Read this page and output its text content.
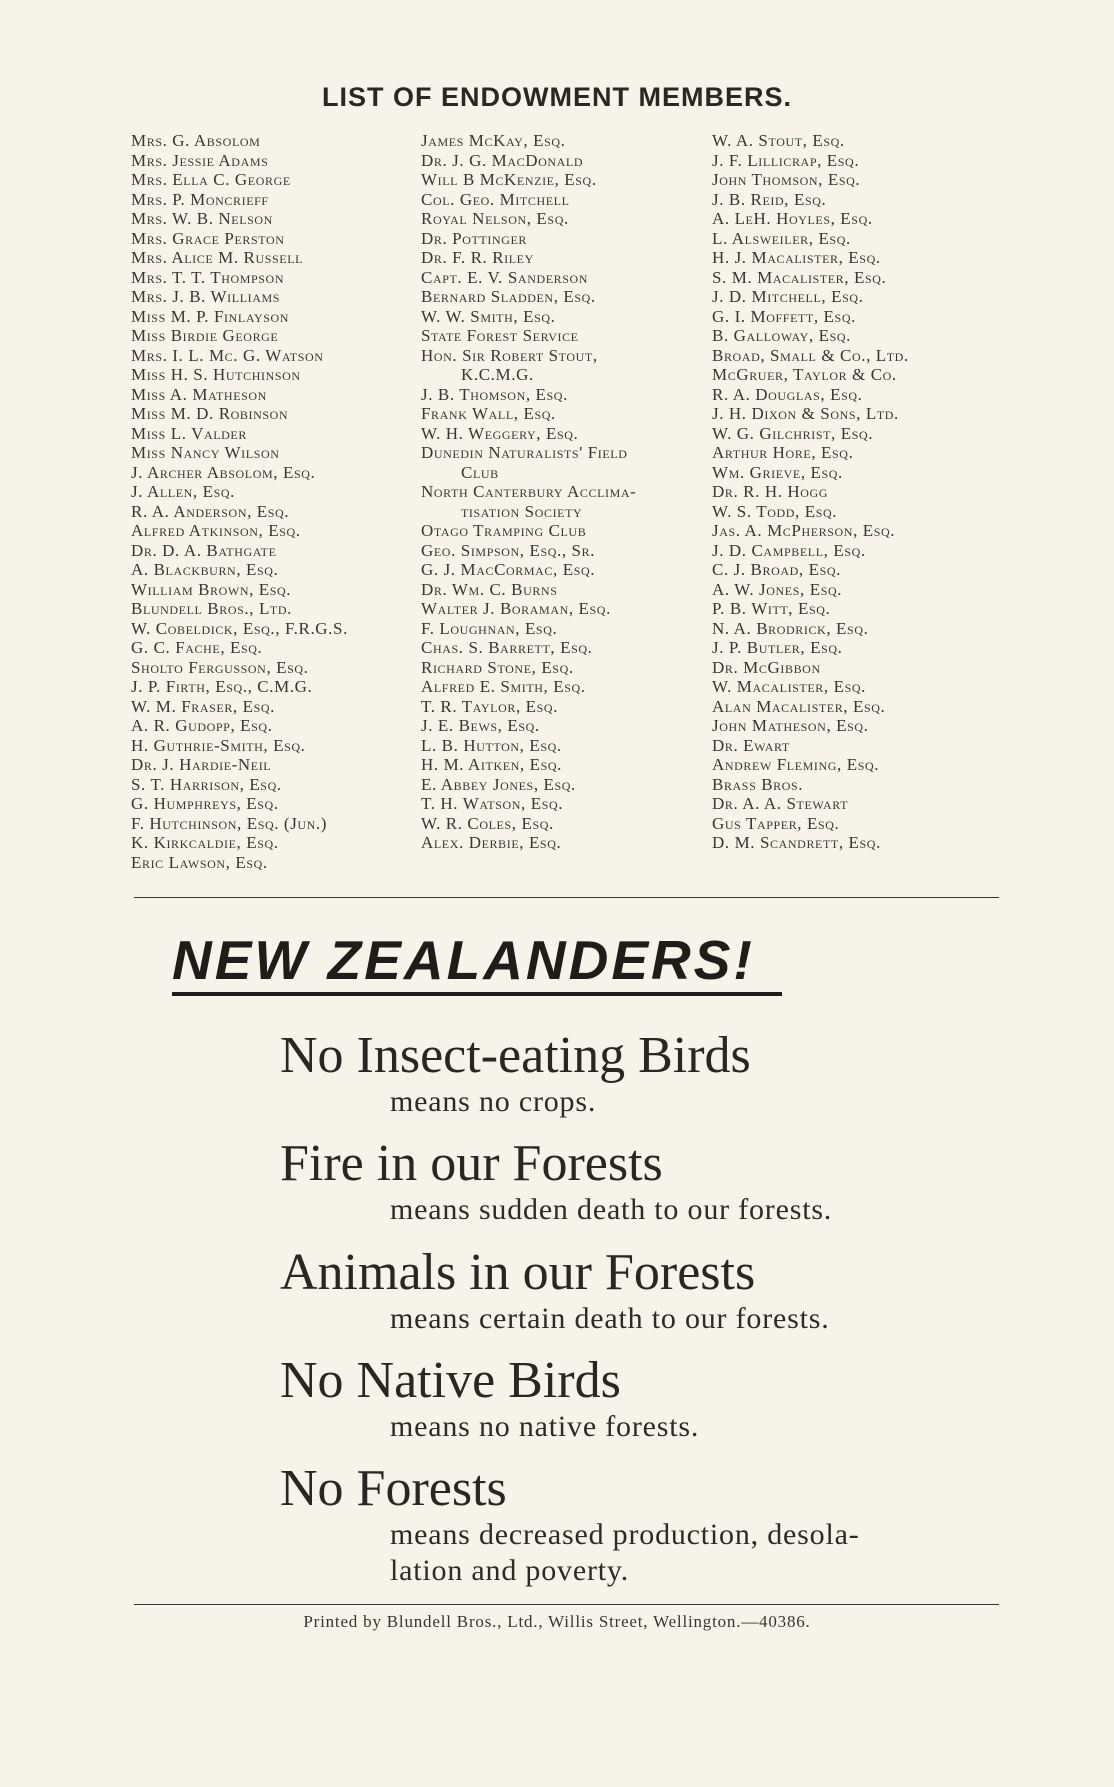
LIST OF ENDOWMENT MEMBERS.
Mrs. G. Absolom
Mrs. Jessie Adams
Mrs. Ella C. George
Mrs. P. Moncrieff
Mrs. W. B. Nelson
Mrs. Grace Perston
Mrs. Alice M. Russell
Mrs. T. T. Thompson
Mrs. J. B. Williams
Miss M. P. Finlayson
Miss Birdie George
Mrs. I. L. Mc. G. Watson
Miss H. S. Hutchinson
Miss A. Matheson
Miss M. D. Robinson
Miss L. Valder
Miss Nancy Wilson
J. Archer Absolom, Esq.
J. Allen, Esq.
R. A. Anderson, Esq.
Alfred Atkinson, Esq.
Dr. D. A. Bathgate
A. Blackburn, Esq.
William Brown, Esq.
Blundell Bros., Ltd.
W. Cobeldick, Esq., F.R.G.S.
G. C. Fache, Esq.
Sholto Fergusson, Esq.
J. P. Firth, Esq., C.M.G.
W. M. Fraser, Esq.
A. R. Gudopp, Esq.
H. Guthrie-Smith, Esq.
Dr. J. Hardie-Neil
S. T. Harrison, Esq.
G. Humphreys, Esq.
F. Hutchinson, Esq. (Jun.)
K. Kirkcaldie, Esq.
Eric Lawson, Esq.
James McKay, Esq.
Dr. J. G. MacDonald
Will B McKenzie, Esq.
Col. Geo. Mitchell
Royal Nelson, Esq.
Dr. Pottinger
Dr. F. R. Riley
Capt. E. V. Sanderson
Bernard Sladden, Esq.
W. W. Smith, Esq.
State Forest Service
Hon. Sir Robert Stout,
K.C.M.G.
J. B. Thomson, Esq.
Frank Wall, Esq.
W. H. Weggery, Esq.
Dunedin Naturalists' Field
Club
North Canterbury Acclima-
tisation Society
Otago Tramping Club
Geo. Simpson, Esq., Sr.
G. J. MacCormac, Esq.
Dr. Wm. C. Burns
Walter J. Boraman, Esq.
F. Loughnan, Esq.
Chas. S. Barrett, Esq.
Richard Stone, Esq.
Alfred E. Smith, Esq.
T. R. Taylor, Esq.
J. E. Bews, Esq.
L. B. Hutton, Esq.
H. M. Aitken, Esq.
E. Abbey Jones, Esq.
T. H. Watson, Esq.
W. R. Coles, Esq.
Alex. Derbie, Esq.
W. A. Stout, Esq.
J. F. Lillicrap, Esq.
John Thomson, Esq.
J. B. Reid, Esq.
A. LeH. Hoyles, Esq.
L. Alsweiler, Esq.
H. J. Macalister, Esq.
S. M. Macalister, Esq.
J. D. Mitchell, Esq.
G. I. Moffett, Esq.
B. Galloway, Esq.
Broad, Small & Co., Ltd.
McGruer, Taylor & Co.
R. A. Douglas, Esq.
J. H. Dixon & Sons, Ltd.
W. G. Gilchrist, Esq.
Arthur Hore, Esq.
Wm. Grieve, Esq.
Dr. R. H. Hogg
W. S. Todd, Esq.
Jas. A. McPherson, Esq.
J. D. Campbell, Esq.
C. J. Broad, Esq.
A. W. Jones, Esq.
P. B. Witt, Esq.
N. A. Brodrick, Esq.
J. P. Butler, Esq.
Dr. McGibbon
W. Macalister, Esq.
Alan Macalister, Esq.
John Matheson, Esq.
Dr. Ewart
Andrew Fleming, Esq.
Brass Bros.
Dr. A. A. Stewart
Gus Tapper, Esq.
D. M. Scandrett, Esq.
NEW ZEALANDERS!
No Insect-eating Birds
means no crops.
Fire in our Forests
means sudden death to our forests.
Animals in our Forests
means certain death to our forests.
No Native Birds
means no native forests.
No Forests
means decreased production, desola-
lation and poverty.
Printed by Blundell Bros., Ltd., Willis Street, Wellington.—40386.
